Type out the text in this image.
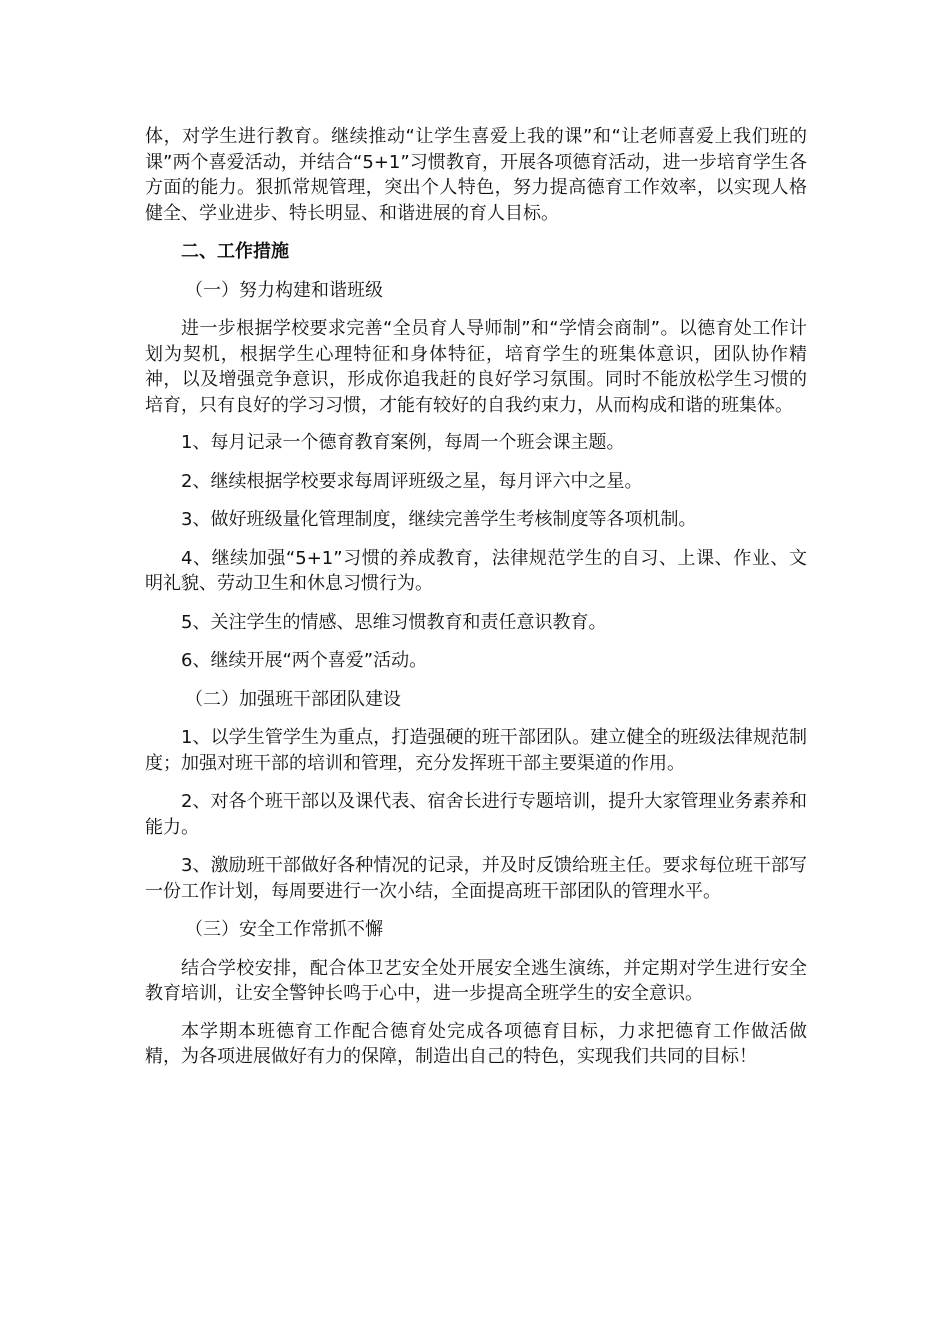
体，对学生进行教育。继续推动“让学生喜爱上我的课”和“让老师喜爱上我们班的课”两个喜爱活动，并结合“5+1”习惯教育，开展各项德育活动，进一步培育学生各方面的能力。狠抓常规管理，突出个人特色，努力提高德育工作效率，以实现人格健全、学业进步、特长明显、和谐进展的育人目标。

二、工作措施

（一）努力构建和谐班级

进一步根据学校要求完善“全员育人导师制”和“学情会商制”。以德育处工作计划为契机，根据学生心理特征和身体特征，培育学生的班集体意识，团队协作精神，以及增强竞争意识，形成你追我赶的良好学习氛围。同时不能放松学生习惯的培育，只有良好的学习习惯，才能有较好的自我约束力，从而构成和谐的班集体。

1、每月记录一个德育教育案例，每周一个班会课主题。

2、继续根据学校要求每周评班级之星，每月评六中之星。

3、做好班级量化管理制度，继续完善学生考核制度等各项机制。

4、继续加强“5+1”习惯的养成教育，法律规范学生的自习、上课、作业、文明礼貌、劳动卫生和休息习惯行为。

5、关注学生的情感、思维习惯教育和责任意识教育。

6、继续开展“两个喜爱”活动。

（二）加强班干部团队建设

1、以学生管学生为重点，打造强硬的班干部团队。建立健全的班级法律规范制度；加强对班干部的培训和管理，充分发挥班干部主要渠道的作用。

2、对各个班干部以及课代表、宿舍长进行专题培训，提升大家管理业务素养和能力。

3、激励班干部做好各种情况的记录，并及时反馈给班主任。要求每位班干部写一份工作计划，每周要进行一次小结，全面提高班干部团队的管理水平。

（三）安全工作常抓不懈

结合学校安排，配合体卫艺安全处开展安全逃生演练，并定期对学生进行安全教育培训，让安全警钟长鸣于心中，进一步提高全班学生的安全意识。

本学期本班德育工作配合德育处完成各项德育目标，力求把德育工作做活做精，为各项进展做好有力的保障，制造出自己的特色，实现我们共同的目标！
